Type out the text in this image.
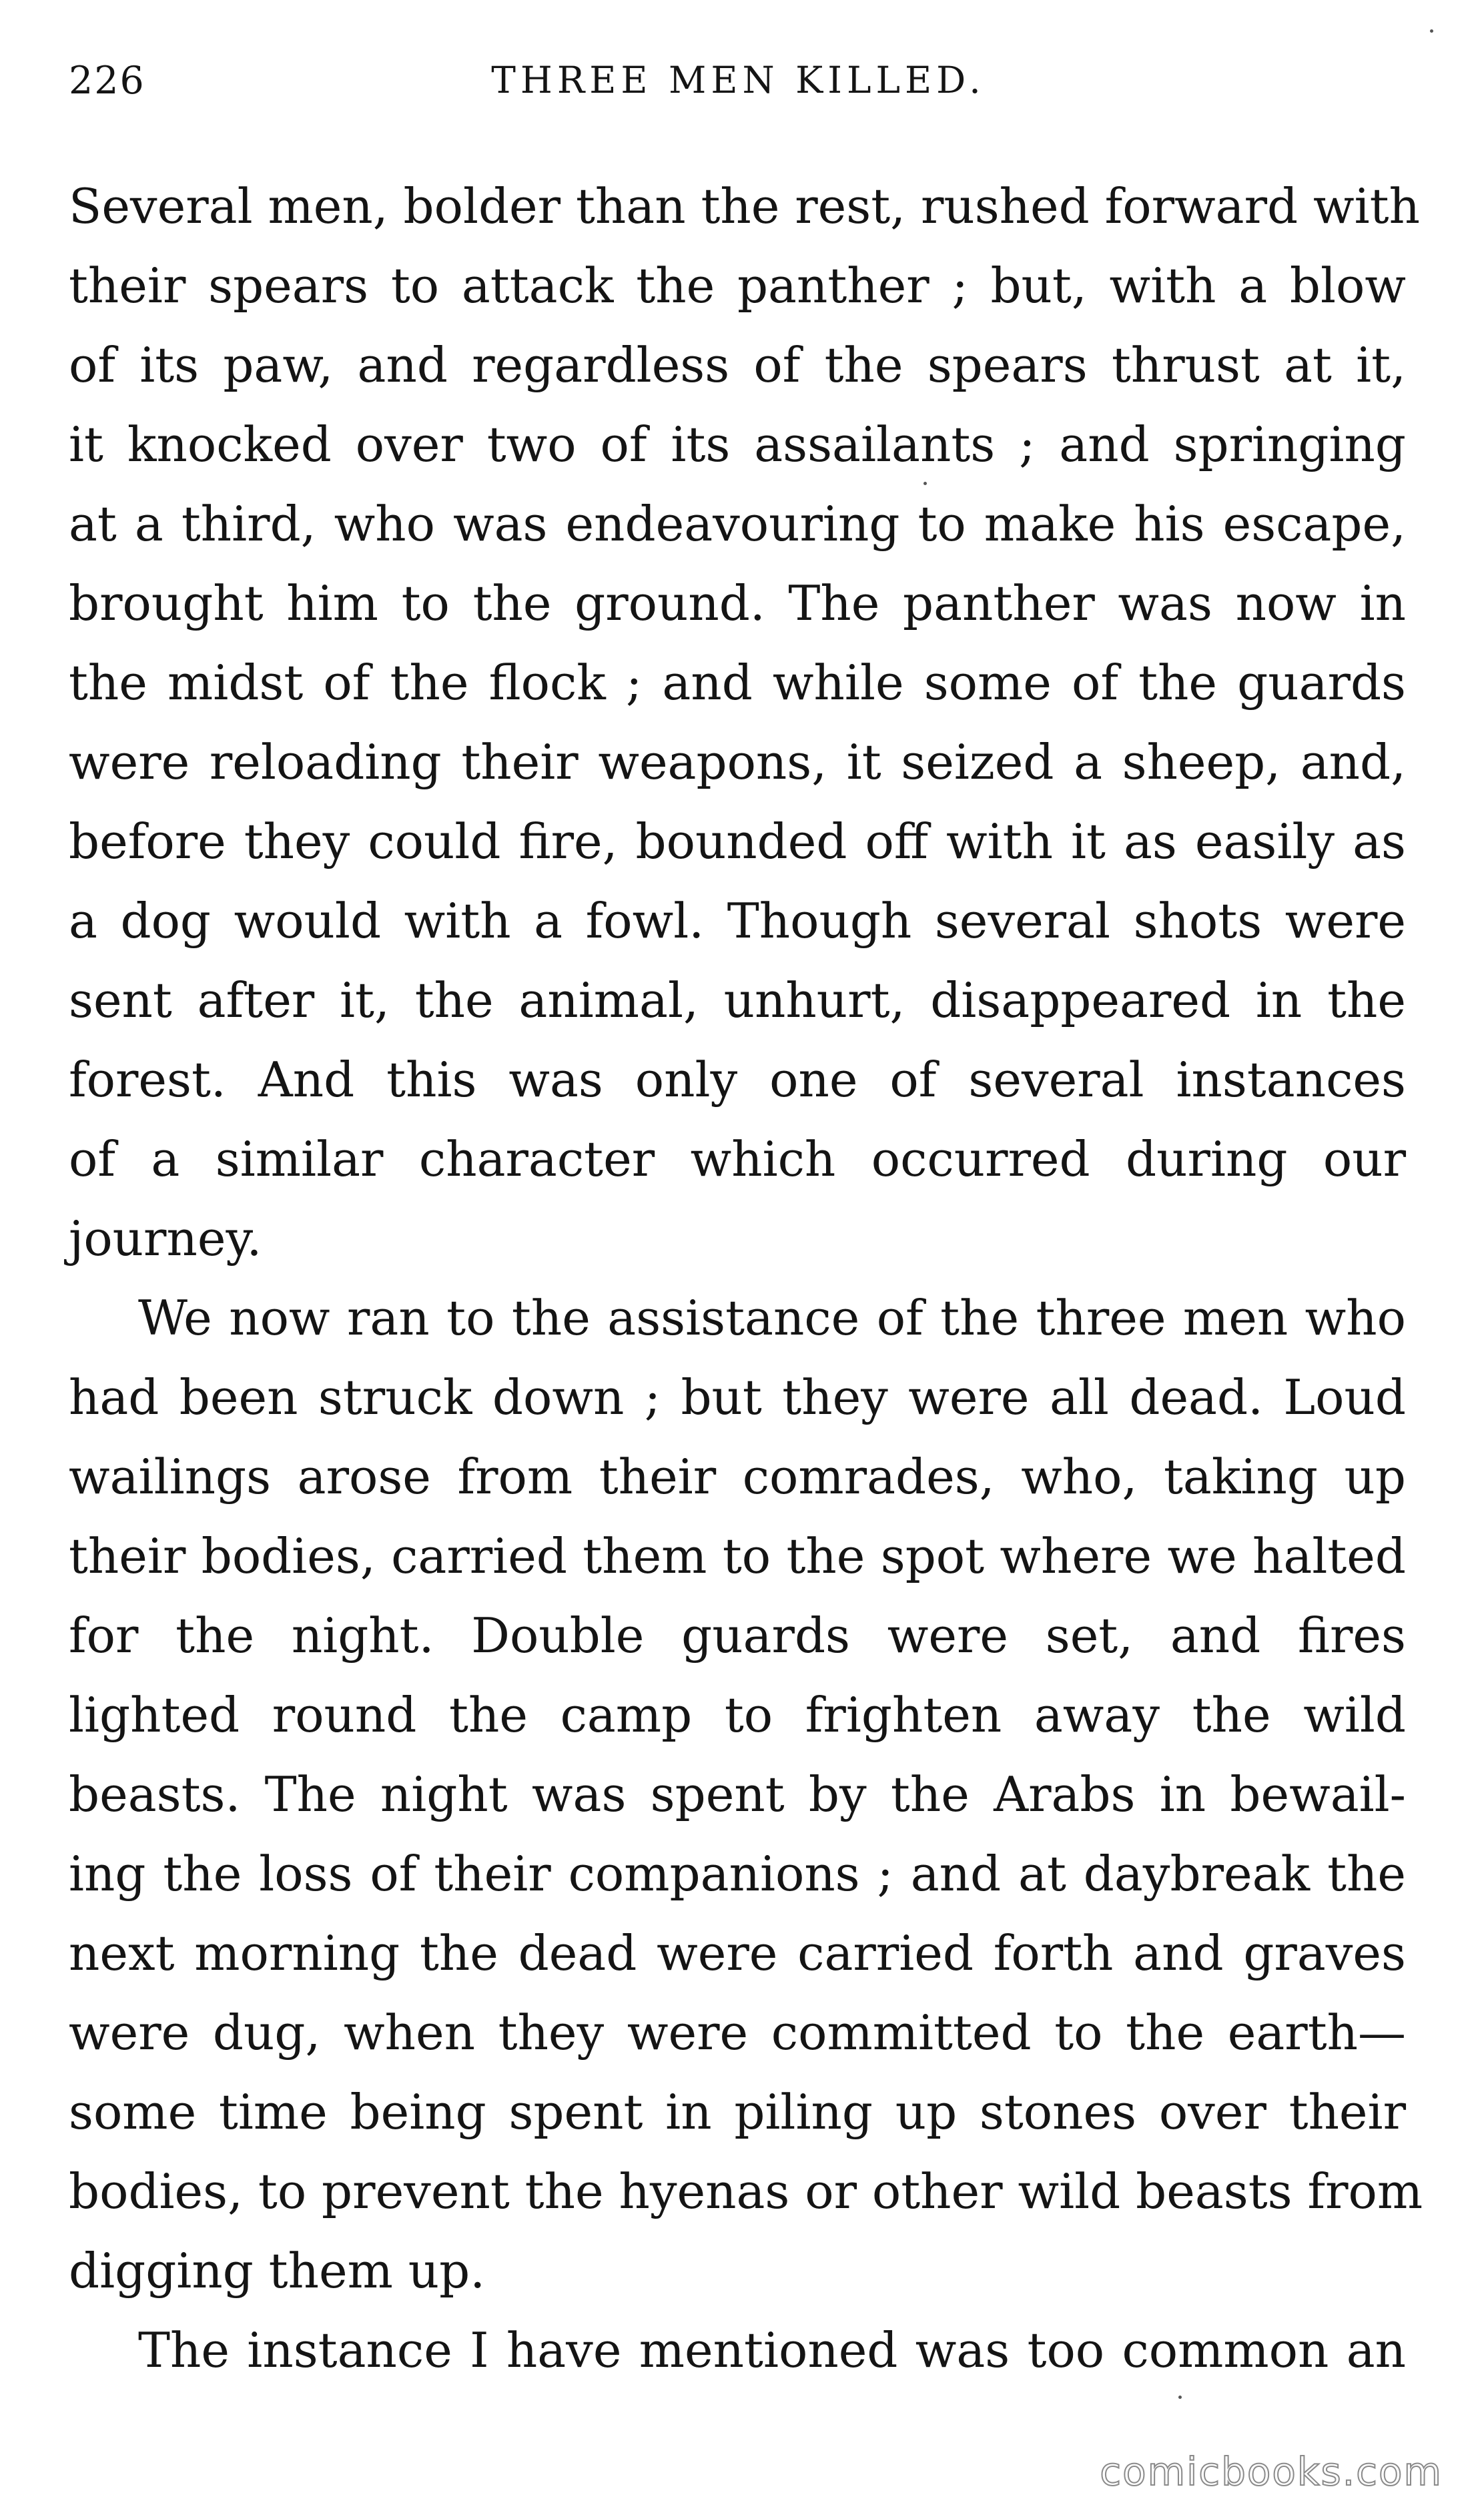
226	THREE MEN KILLED.
Several men, bolder than the rest, rushed forward with
their spears to attack the panther ; but, with a blow
of its paw, and regardless of the spears thrust at it,
it knocked over two of its assailants ; and springing
at a third, who was endeavouring to make his escape,
brought him to the ground. The panther was now in
the midst of the flock ; and while some of the guards
were reloading their weapons, it seized a sheep, and,
before they could fire, bounded off with it as easily as
a dog would with a fowl. Though several shots were
sent after it, the animal, unhurt, disappeared in the
forest. And this was only one of several instances
of a similar character which occurred during our
journey.
We now ran to the assistance of the three men who
had been struck down ; but they were all dead. Loud
wailings arose from their comrades, who, taking up
their bodies, carried them to the spot where we halted
for the night. Double guards were set, and fires
lighted round the camp to frighten away the wild
beasts. The night was spent by the Arabs in bewail-
ing the loss of their companions ; and at daybreak the
next morning the dead were carried forth and graves
were dug, when they were committed to the earth—
some time being spent in piling up stones over their
bodies, to prevent the hyenas or other wild beasts from
digging them up.
The instance I have mentioned was too common an
comicbooks.com
